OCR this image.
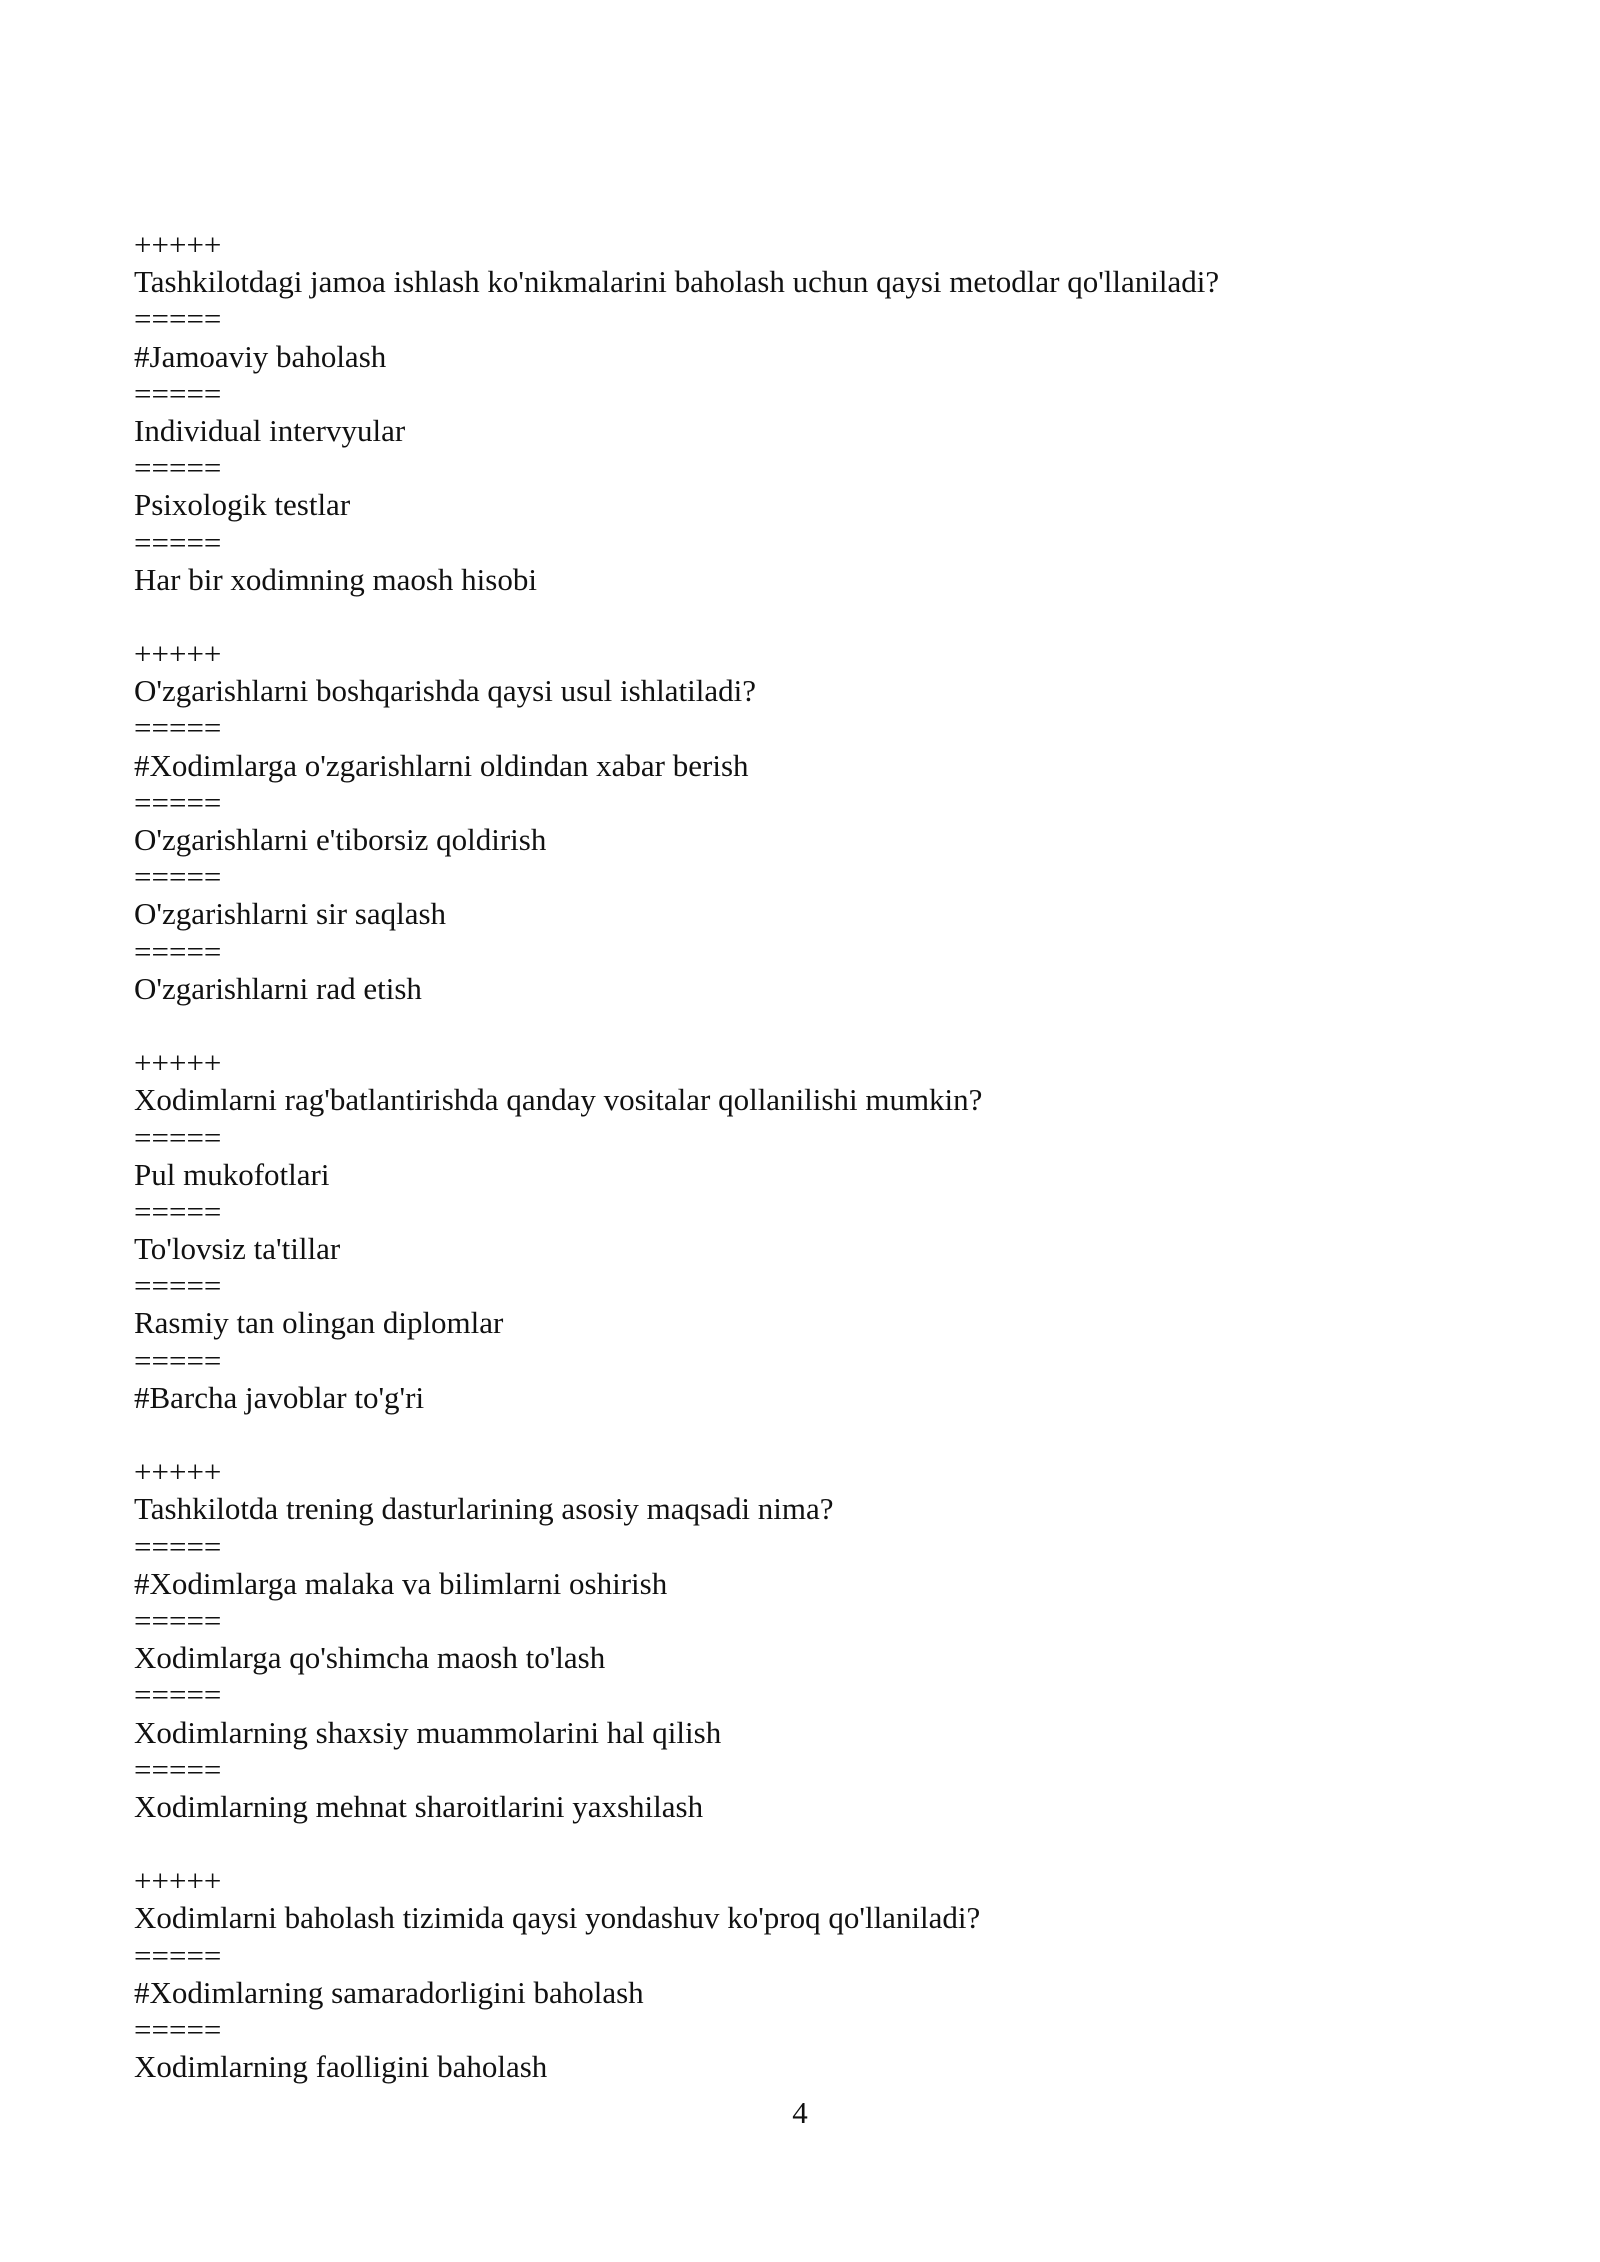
+++++
Tashkilotdagi jamoa ishlash ko'nikmalarini baholash uchun qaysi metodlar qo'llaniladi?
=====
#Jamoaviy baholash
=====
Individual intervyular
=====
Psixologik testlar
=====
Har bir xodimning maosh hisobi
+++++
O'zgarishlarni boshqarishda qaysi usul ishlatiladi?
=====
#Xodimlarga o'zgarishlarni oldindan xabar berish
=====
O'zgarishlarni e'tiborsiz qoldirish
=====
O'zgarishlarni sir saqlash
=====
O'zgarishlarni rad etish
+++++
Xodimlarni rag'batlantirishda qanday vositalar qollanilishi mumkin?
=====
Pul mukofotlari
=====
To'lovsiz ta'tillar
=====
Rasmiy tan olingan diplomlar
=====
#Barcha javoblar to'g'ri
+++++
Tashkilotda trening dasturlarining asosiy maqsadi nima?
=====
#Xodimlarga malaka va bilimlarni oshirish
=====
Xodimlarga qo'shimcha maosh to'lash
=====
Xodimlarning shaxsiy muammolarini hal qilish
=====
Xodimlarning mehnat sharoitlarini yaxshilash
+++++
Xodimlarni baholash tizimida qaysi yondashuv ko'proq qo'llaniladi?
=====
#Xodimlarning samaradorligini baholash
=====
Xodimlarning faolligini baholash
4
